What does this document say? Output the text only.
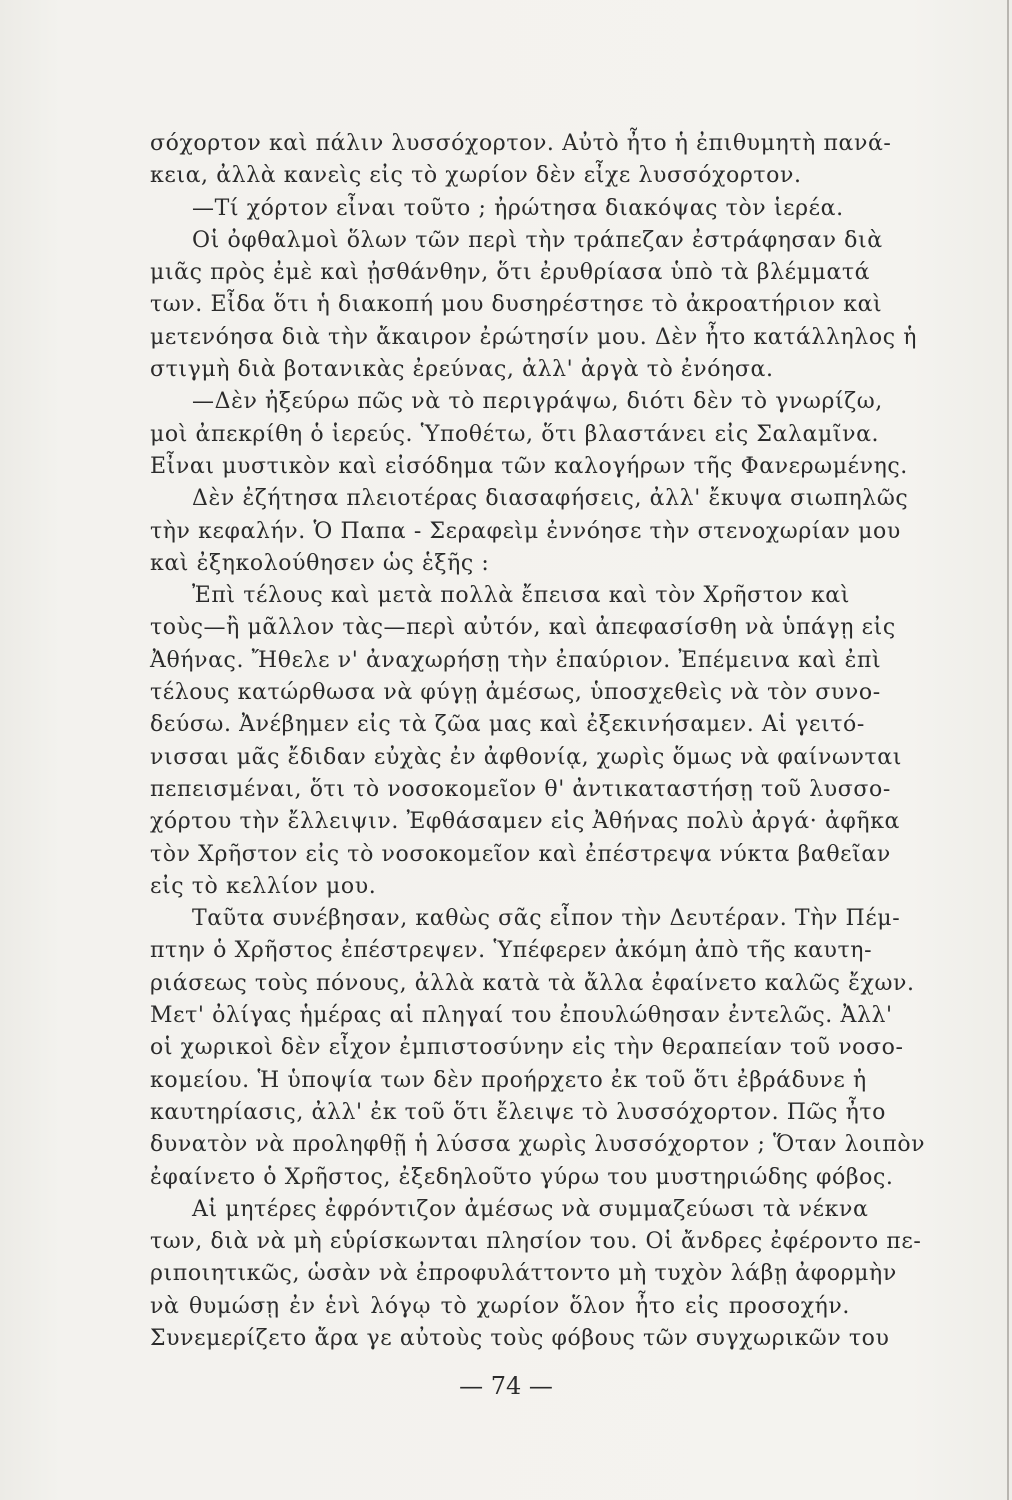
σόχορτον καὶ πάλιν λυσσόχορτον. Αὐτὸ ἦτο ἡ ἐπιθυμητὴ πανά-
κεια, ἀλλὰ κανεὶς εἰς τὸ χωρίον δὲν εἶχε λυσσόχορτον.
—Τί χόρτον εἶναι τοῦτο ; ἠρώτησα διακόψας τὸν ἱερέα.
Οἱ ὀφθαλμοὶ ὅλων τῶν περὶ τὴν τράπεζαν ἐστράφησαν διὰ
μιᾶς πρὸς ἐμὲ καὶ ᾐσθάνθην, ὅτι ἐρυθρίασα ὑπὸ τὰ βλέμματά
των. Εἶδα ὅτι ἡ διακοπή μου δυσηρέστησε τὸ ἀκροατήριον καὶ
μετενόησα διὰ τὴν ἄκαιρον ἐρώτησίν μου. Δὲν ἦτο κατάλληλος ἡ
στιγμὴ διὰ βοτανικὰς ἐρεύνας, ἀλλ' ἀργὰ τὸ ἐνόησα.
—Δὲν ἠξεύρω πῶς νὰ τὸ περιγράψω, διότι δὲν τὸ γνωρίζω,
μοὶ ἀπεκρίθη ὁ ἱερεύς. Ὑποθέτω, ὅτι βλαστάνει εἰς Σαλαμῖνα.
Εἶναι μυστικὸν καὶ εἰσόδημα τῶν καλογήρων τῆς Φανερωμένης.
Δὲν ἐζήτησα πλειοτέρας διασαφήσεις, ἀλλ' ἔκυψα σιωπηλῶς
τὴν κεφαλήν. Ὁ Παπα - Σεραφεὶμ ἐννόησε τὴν στενοχωρίαν μου
καὶ ἐξηκολούθησεν ὡς ἑξῆς :
Ἐπὶ τέλους καὶ μετὰ πολλὰ ἔπεισα καὶ τὸν Χρῆστον καὶ
τοὺς—ἢ μᾶλλον τὰς—περὶ αὐτόν, καὶ ἀπεφασίσθη νὰ ὑπάγῃ εἰς
Ἀθήνας. Ἤθελε ν' ἀναχωρήσῃ τὴν ἐπαύριον. Ἐπέμεινα καὶ ἐπὶ
τέλους κατώρθωσα νὰ φύγῃ ἀμέσως, ὑποσχεθεὶς νὰ τὸν συνο-
δεύσω. Ἀνέβημεν εἰς τὰ ζῶα μας καὶ ἐξεκινήσαμεν. Αἱ γειτό-
νισσαι μᾶς ἔδιδαν εὐχὰς ἐν ἀφθονίᾳ, χωρὶς ὅμως νὰ φαίνωνται
πεπεισμέναι, ὅτι τὸ νοσοκομεῖον θ' ἀντικαταστήσῃ τοῦ λυσσο-
χόρτου τὴν ἔλλειψιν. Ἐφθάσαμεν εἰς Ἀθήνας πολὺ ἀργά· ἀφῆκα
τὸν Χρῆστον εἰς τὸ νοσοκομεῖον καὶ ἐπέστρεψα νύκτα βαθεῖαν
εἰς τὸ κελλίον μου.
Ταῦτα συνέβησαν, καθὼς σᾶς εἶπον τὴν Δευτέραν. Τὴν Πέμ-
πτην ὁ Χρῆστος ἐπέστρεψεν. Ὑπέφερεν ἀκόμη ἀπὸ τῆς καυτη-
ριάσεως τοὺς πόνους, ἀλλὰ κατὰ τὰ ἄλλα ἐφαίνετο καλῶς ἔχων.
Μετ' ὀλίγας ἡμέρας αἱ πληγαί του ἐπουλώθησαν ἐντελῶς. Ἀλλ'
οἱ χωρικοὶ δὲν εἶχον ἐμπιστοσύνην εἰς τὴν θεραπείαν τοῦ νοσο-
κομείου. Ἡ ὑποψία των δὲν προήρχετο ἐκ τοῦ ὅτι ἐβράδυνε ἡ
καυτηρίασις, ἀλλ' ἐκ τοῦ ὅτι ἔλειψε τὸ λυσσόχορτον. Πῶς ἦτο
δυνατὸν νὰ προληφθῇ ἡ λύσσα χωρὶς λυσσόχορτον ; Ὅταν λοιπὸν
ἐφαίνετο ὁ Χρῆστος, ἐξεδηλοῦτο γύρω του μυστηριώδης φόβος.
Αἱ μητέρες ἐφρόντιζον ἀμέσως νὰ συμμαζεύωσι τὰ νέκνα
των, διὰ νὰ μὴ εὑρίσκωνται πλησίον του. Οἱ ἄνδρες ἐφέροντο πε-
ριποιητικῶς, ὡσὰν νὰ ἐπροφυλάττοντο μὴ τυχὸν λάβῃ ἀφορμὴν
νὰ θυμώσῃ ἐν ἑνὶ λόγῳ τὸ χωρίον ὅλον ἦτο εἰς προσοχήν.
Συνεμερίζετο ἄρα γε αὐτοὺς τοὺς φόβους τῶν συγχωρικῶν του
— 74 —
